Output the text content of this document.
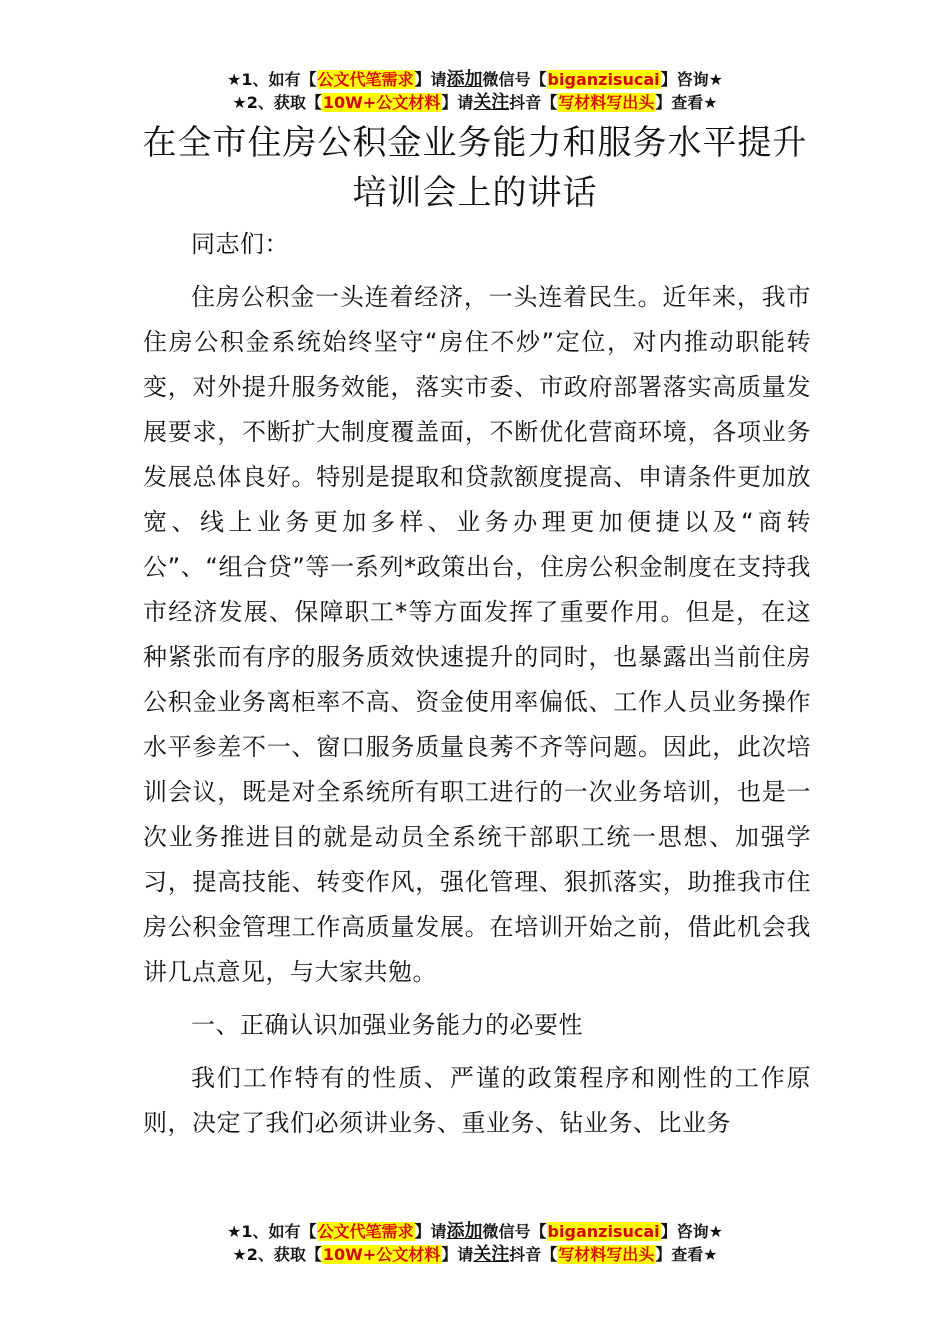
★1、如有【公文代笔需求】请添加微信号【biganzisucai】咨询★
★2、获取【10W+公文材料】请关注抖音【写材料写出头】查看★
在全市住房公积金业务能力和服务水平提升
培训会上的讲话

同志们：

住房公积金一头连着经济，一头连着民生。近年来，我市住房公积金系统始终坚守“房住不炒”定位，对内推动职能转变，对外提升服务效能，落实市委、市政府部署落实高质量发展要求，不断扩大制度覆盖面，不断优化营商环境，各项业务发展总体良好。特别是提取和贷款额度提高、申请条件更加放宽、线上业务更加多样、业务办理更加便捷以及“商转公”、“组合贷”等一系列*政策出台，住房公积金制度在支持我市经济发展、保障职工*等方面发挥了重要作用。但是，在这种紧张而有序的服务质效快速提升的同时，也暴露出当前住房公积金业务离柜率不高、资金使用率偏低、工作人员业务操作水平参差不一、窗口服务质量良莠不齐等问题。因此，此次培训会议，既是对全系统所有职工进行的一次业务培训，也是一次业务推进目的就是动员全系统干部职工统一思想、加强学习，提高技能、转变作风，强化管理、狠抓落实，助推我市住房公积金管理工作高质量发展。在培训开始之前，借此机会我讲几点意见，与大家共勉。

一、正确认识加强业务能力的必要性

我们工作特有的性质、严谨的政策程序和刚性的工作原则，决定了我们必须讲业务、重业务、钻业务、比业务

★1、如有【公文代笔需求】请添加微信号【biganzisucai】咨询★
★2、获取【10W+公文材料】请关注抖音【写材料写出头】查看★
